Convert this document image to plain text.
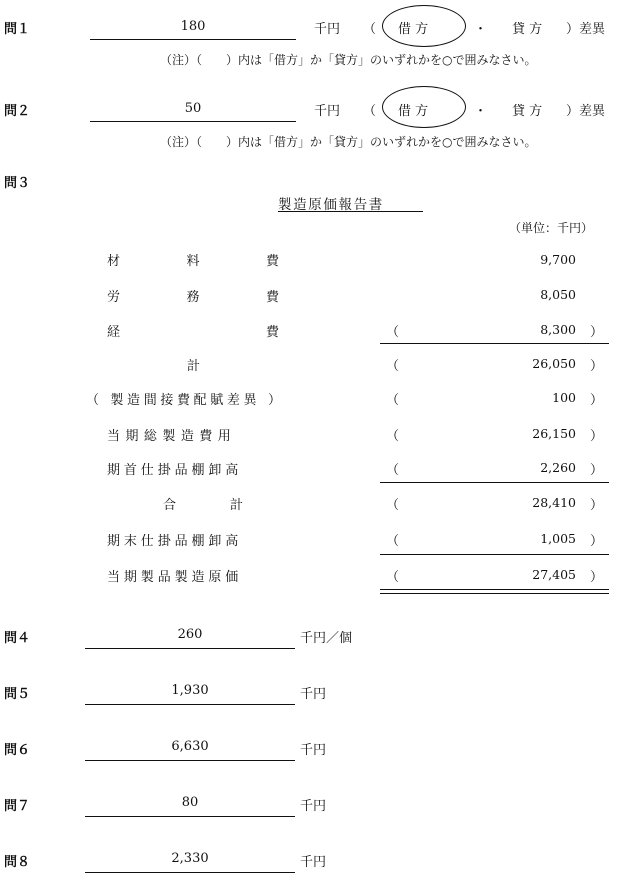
問１	180	千円 （ 借 方	・ 貸 方 ）差異
（注）（　　）内は「借方」か「貸方」のいずれかを○で囲みなさい。
問２	50	千円 （ 借 方	・ 貸 方 ）差異
（注）（　　）内は「借方」か「貸方」のいずれかを○で囲みなさい。
問３
製造原価報告書
（単位：千円）
材	料	費	9,700
労	務	費	8,050
経	費	（	8,300 ）
計	（	26,050 ）
（ 製造間接費配賦差異 ）	（	100 ）
当期総製造費用	（	26,150 ）
期首仕掛品棚卸高	（	2,260 ）
合	計	（	28,410 ）
期末仕掛品棚卸高	（	1,005 ）
当期製品製造原価	（	27,405 ）
問４	260	千円／個
問５	1,930	千円
問６	6,630	千円
問７	80	千円
問８	2,330	千円
